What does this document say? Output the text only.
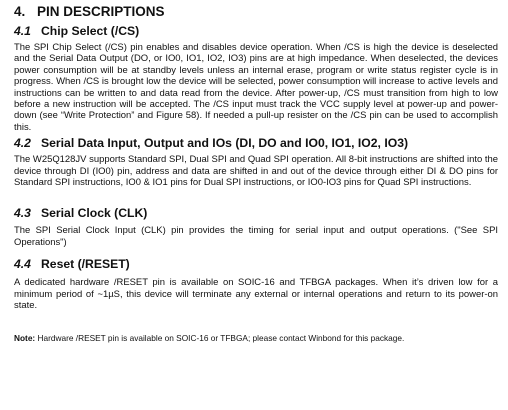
4. PIN DESCRIPTIONS
4.1 Chip Select (/CS)

The SPI Chip Select (/CS) pin enables and disables device operation. When /CS is high the device is deselected and the Serial Data Output (DO, or IO0, IO1, IO2, IO3) pins are at high impedance. When deselected, the devices power consumption will be at standby levels unless an internal erase, program or write status register cycle is in progress. When /CS is brought low the device will be selected, power consumption will increase to active levels and instructions can be written to and data read from the device. After power-up, /CS must transition from high to low before a new instruction will be accepted. The /CS input must track the VCC supply level at power-up and power-down (see “Write Protection” and Figure 58). If needed a pull-up resister on the /CS pin can be used to accomplish this.

4.2 Serial Data Input, Output and IOs (DI, DO and IO0, IO1, IO2, IO3)

The W25Q128JV supports Standard SPI, Dual SPI and Quad SPI operation. All 8-bit instructions are shifted into the device through DI (IO0) pin, address and data are shifted in and out of the device through either DI & DO pins for Standard SPI instructions, IO0 & IO1 pins for Dual SPI instructions, or IO0-IO3 pins for Quad SPI instructions.

4.3 Serial Clock (CLK)

The SPI Serial Clock Input (CLK) pin provides the timing for serial input and output operations. ("See SPI Operations")

4.4 Reset (/RESET)

A dedicated hardware /RESET pin is available on SOIC-16 and TFBGA packages. When it’s driven low for a minimum period of ~1µS, this device will terminate any external or internal operations and return to its power-on state.

Note: Hardware /RESET pin is available on SOIC-16 or TFBGA; please contact Winbond for this package.
